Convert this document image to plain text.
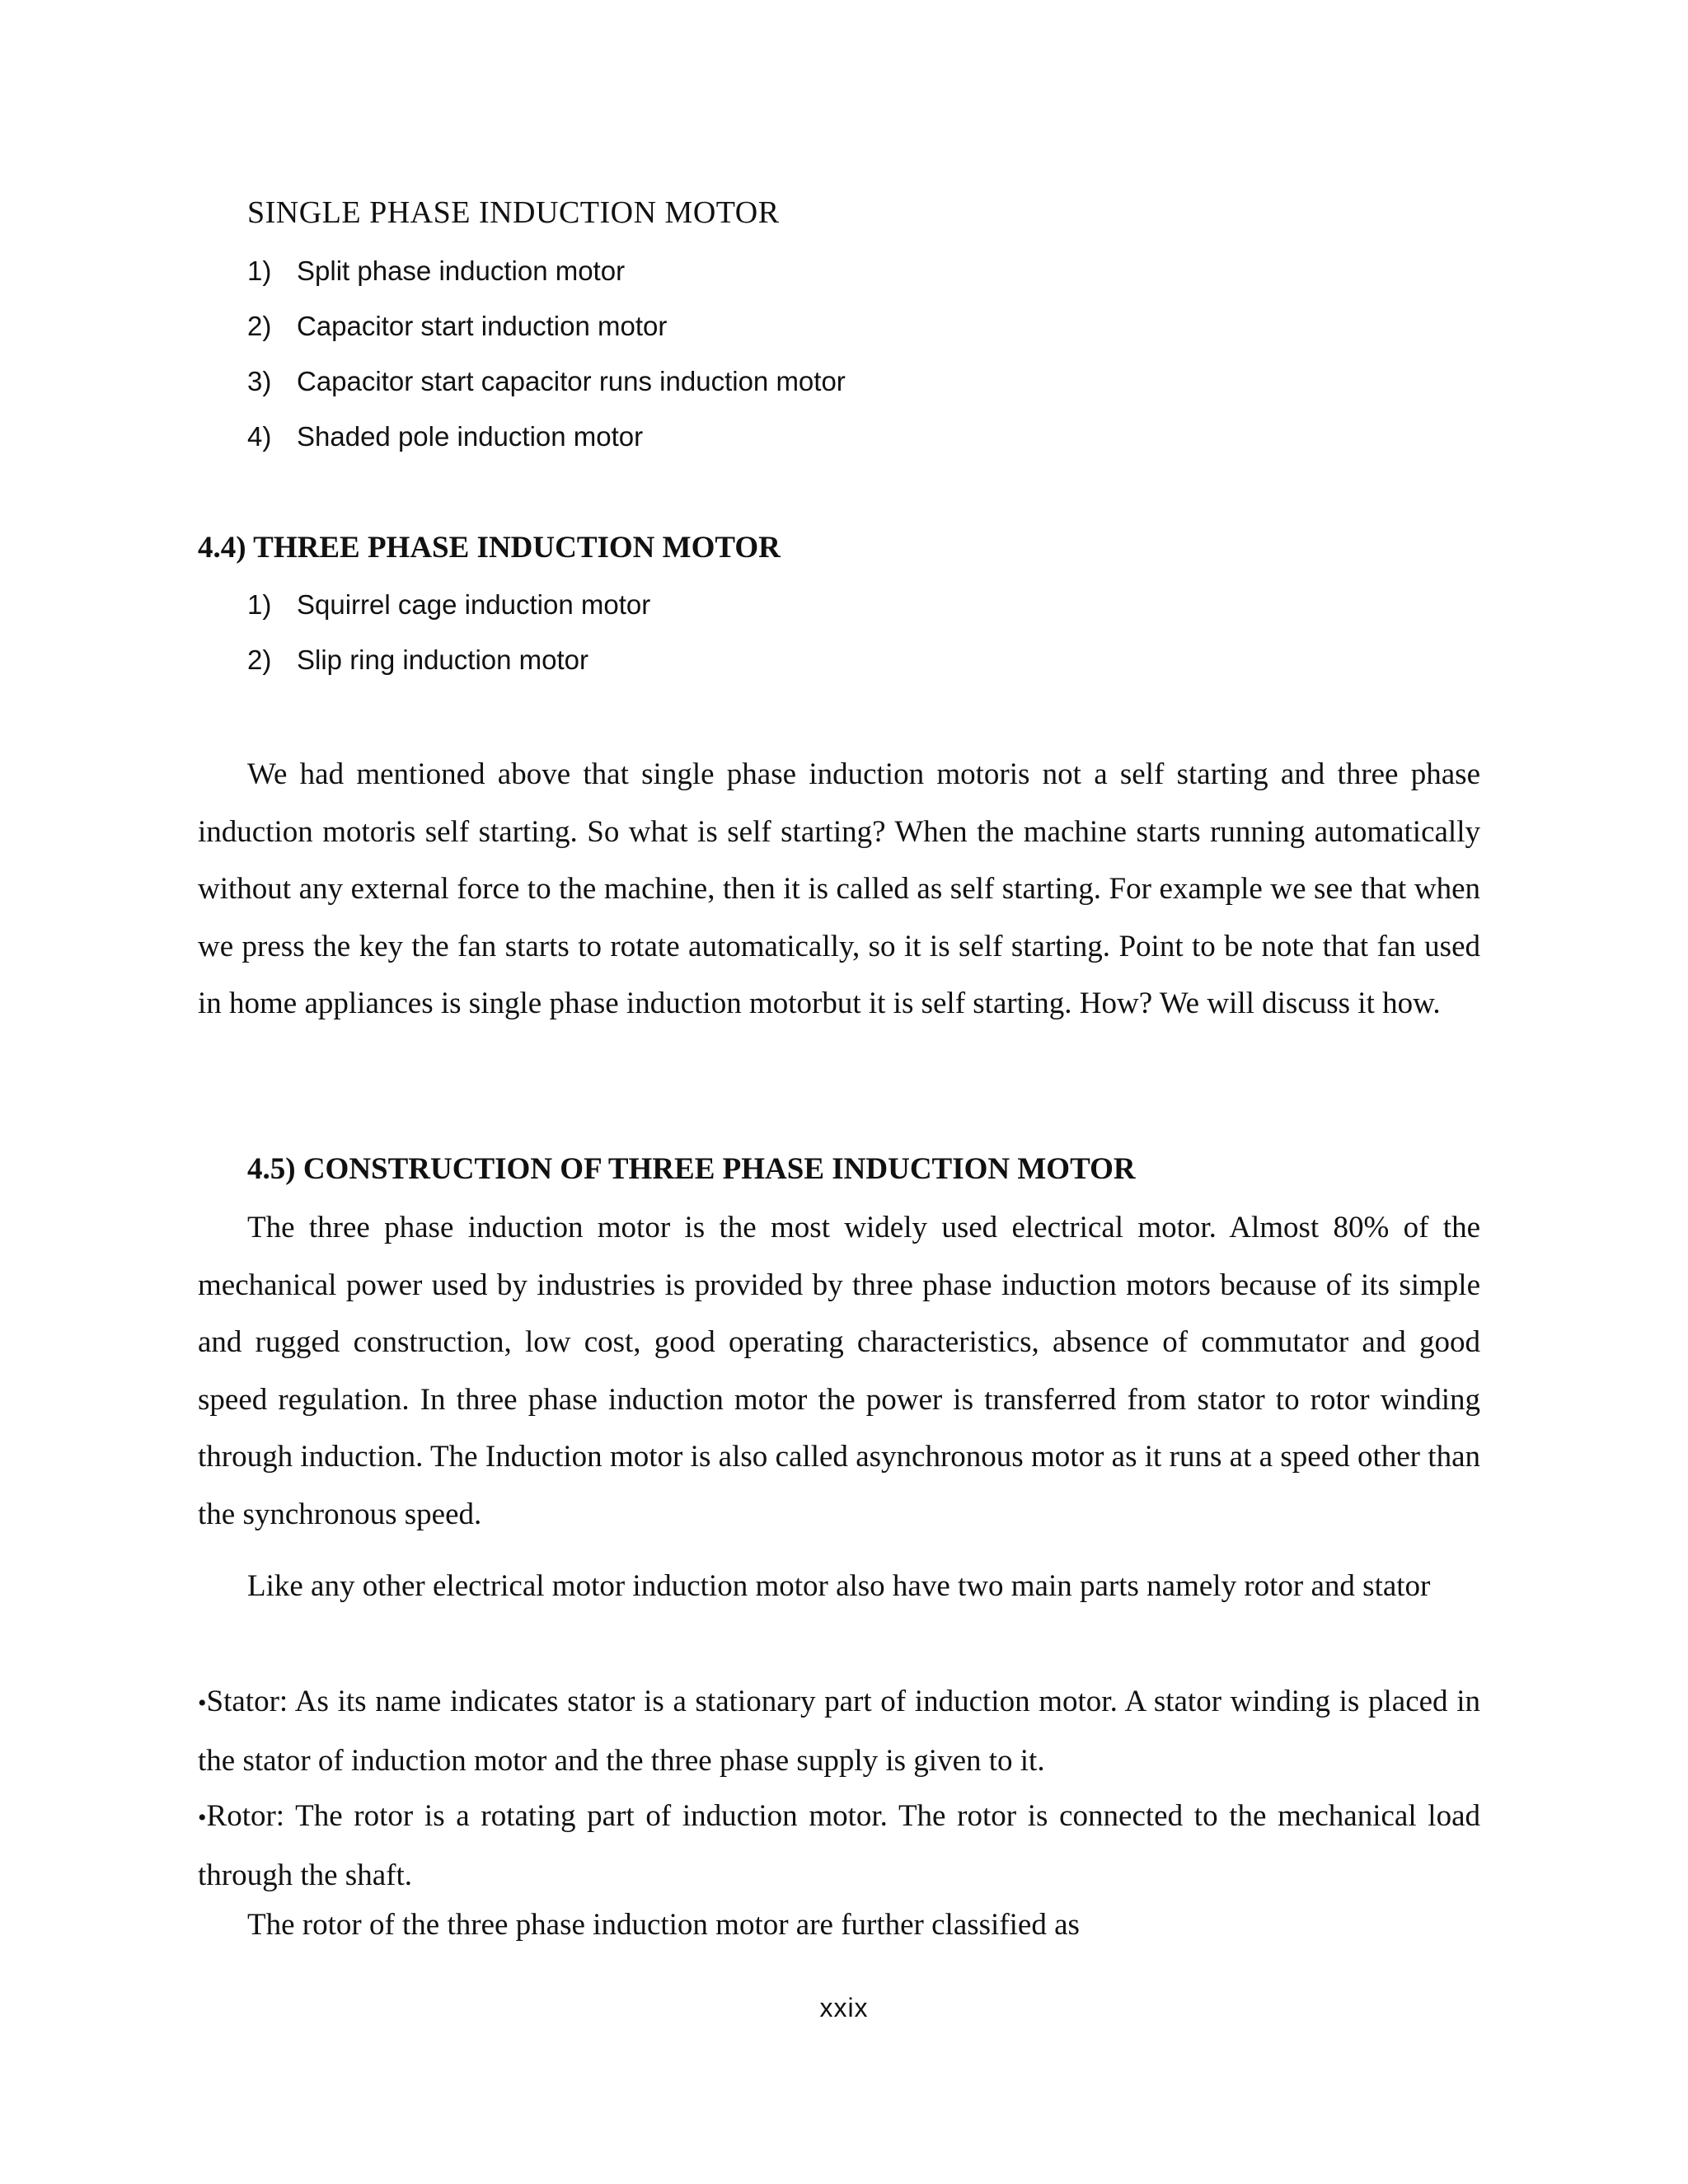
SINGLE PHASE INDUCTION MOTOR
1) Split phase induction motor
2) Capacitor start induction motor
3) Capacitor start capacitor runs induction motor
4) Shaded pole induction motor
4.4) THREE PHASE INDUCTION MOTOR
1) Squirrel cage induction motor
2) Slip ring induction motor

We had mentioned above that single phase induction motoris not a self starting and three phase induction motoris self starting. So what is self starting? When the machine starts running automatically without any external force to the machine, then it is called as self starting. For example we see that when we press the key the fan starts to rotate automatically, so it is self starting. Point to be note that fan used in home appliances is single phase induction motorbut it is self starting. How? We will discuss it how.

4.5) CONSTRUCTION OF THREE PHASE INDUCTION MOTOR

The three phase induction motor is the most widely used electrical motor. Almost 80% of the mechanical power used by industries is provided by three phase induction motors because of its simple and rugged construction, low cost, good operating characteristics, absence of commutator and good speed regulation. In three phase induction motor the power is transferred from stator to rotor winding through induction. The Induction motor is also called asynchronous motor as it runs at a speed other than the synchronous speed.

Like any other electrical motor induction motor also have two main parts namely rotor and stator

•Stator: As its name indicates stator is a stationary part of induction motor. A stator winding is placed in the stator of induction motor and the three phase supply is given to it.

•Rotor: The rotor is a rotating part of induction motor. The rotor is connected to the mechanical load through the shaft.

The rotor of the three phase induction motor are further classified as
xxix
